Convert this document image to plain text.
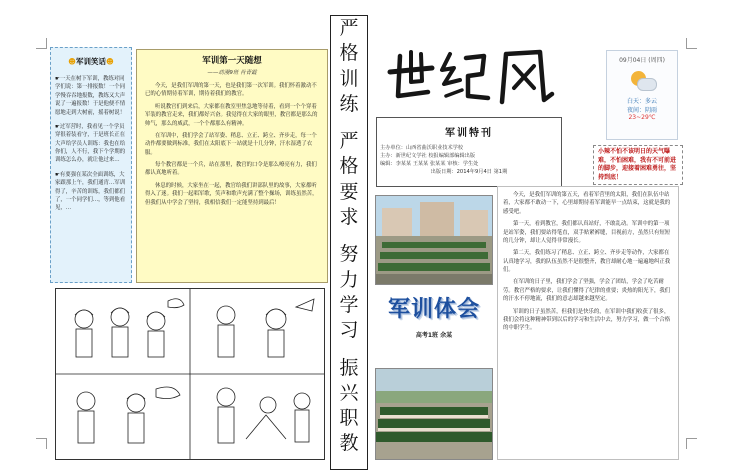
☻军训笑话☻
☛一天在树下军训，教练对同学们说：第一排报数！一个同学慢吞吞地报数，教练又大声说了一遍报数！于是他便不情愿地走到大树前，摇着树说！
☛过军营时，我看见一个学员穿很着装看守，于是班长正在大声给学员人训练：我也在给你们，人不行，我下个学期的训练怎么办，就让他过来…
☛有要强在某次全面训练，大家跟那上午，我们通宵…军训得了，辛苦的训练，我们都们了，一个同学们…，等到他看见，…
军训第一天随想
——动漫9班 肖青霞

今天，是我们军训的第一天，也是我们第一次军训。我们怀着激动不已的心情期待着军训，期待着我们的教官。

听说教官们到来后，大家都在教室里焦急地等待着，看到一个个穿着军装的教官走来，我们都好兴奋。我觉得在大家的眼里，教官都是那么的帅气，那么的威武，一个个都那么有精神。

在军训中，我们学会了站军姿、稍息、立正、跨立、齐步走，每一个动作都要做到标准，我们在太阳底下一站就是十几分钟，汗水湿透了衣服。

每个教官都是一个兵，站在那里，教官的口令是那么嘹亮有力，我们都认真地听着。

休息的时候，大家坐在一起，教官给我们讲部队里的故事，大家都听得入了迷。我们一起唱军歌，笑声和歌声充满了整个操场，训练虽然苦，但我们从中学会了坚持，我相信我们一定能坚持到最后！

严
格
训
练
严
格
要
求
努
力
学
习
振
兴
职
教
军训特刊
主办单位：山西省曲沃职业技术学校
主办：新世纪文学社 校报编辑部编辑出版
编辑：李某某 王某某 张某某 审核：学生处
出版日期：2014年9月4日 第1期
09月04日 (周四)
白天：多云
夜间：阴雨
23~29℃
小辣不怕不该明日的天气曝难，不怕困难，我有不可前进的脚步，迎接着困难勇往，坚持到底！
军训体会
高考1班 余某

今天，是我们军训的第五天，看着军营里的太阳，我们在队伍中站着，大家都不敢动一下，心里却期待着军训能早一点结束，这就是我的感受吧。

第一天，看到教官，我们都认真站好，不敢乱动。军训中的第一项是站军姿，我们要站得笔直，双手贴紧裤缝，目视前方，虽然只有短短的几分钟，却让人觉得非常漫长。

第二天，我们练习了稍息、立正、跨立、齐步走等动作，大家都在认真地学习，我的队伍虽然不是很整齐，教官却耐心地一遍遍地纠正我们。

在军训的日子里，我们学会了坚强，学会了团结，学会了吃苦耐劳。教官严格的要求，让我们懂得了纪律的重要；炎热的阳光下，我们的汗水不停地流，我们的意志却越来越坚定。

军训的日子虽然苦，但我们是快乐的，在军训中我们收获了很多，我们会将这种精神带到以后的学习和生活中去，努力学习，做一个合格的中职学生。
